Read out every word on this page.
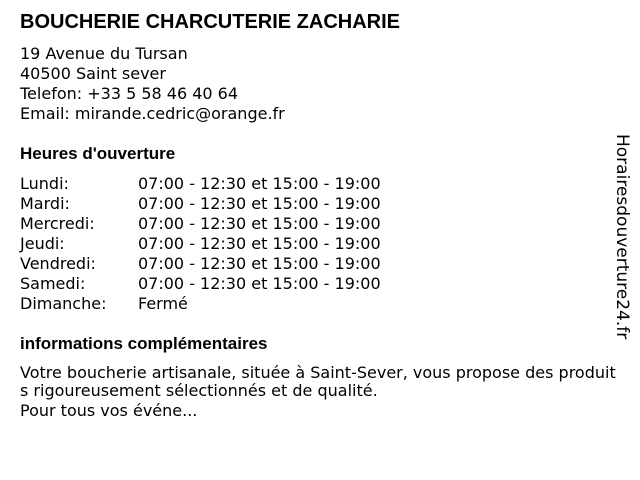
BOUCHERIE CHARCUTERIE ZACHARIE
19 Avenue du Tursan
40500 Saint sever
Telefon: +33 5 58 46 40 64
Email: mirande.cedric@orange.fr
Heures d'ouverture
Lundi:	07:00 - 12:30 et 15:00 - 19:00
Mardi:	07:00 - 12:30 et 15:00 - 19:00
Mercredi:	07:00 - 12:30 et 15:00 - 19:00
Jeudi:	07:00 - 12:30 et 15:00 - 19:00
Vendredi:	07:00 - 12:30 et 15:00 - 19:00
Samedi:	07:00 - 12:30 et 15:00 - 19:00
Dimanche: Fermé
informations complémentaires
Votre boucherie artisanale, située à Saint-Sever, vous propose des produits rigoureusement sélectionnés et de qualité.
Pour tous vos événe...
Horairesdouverture24.fr
